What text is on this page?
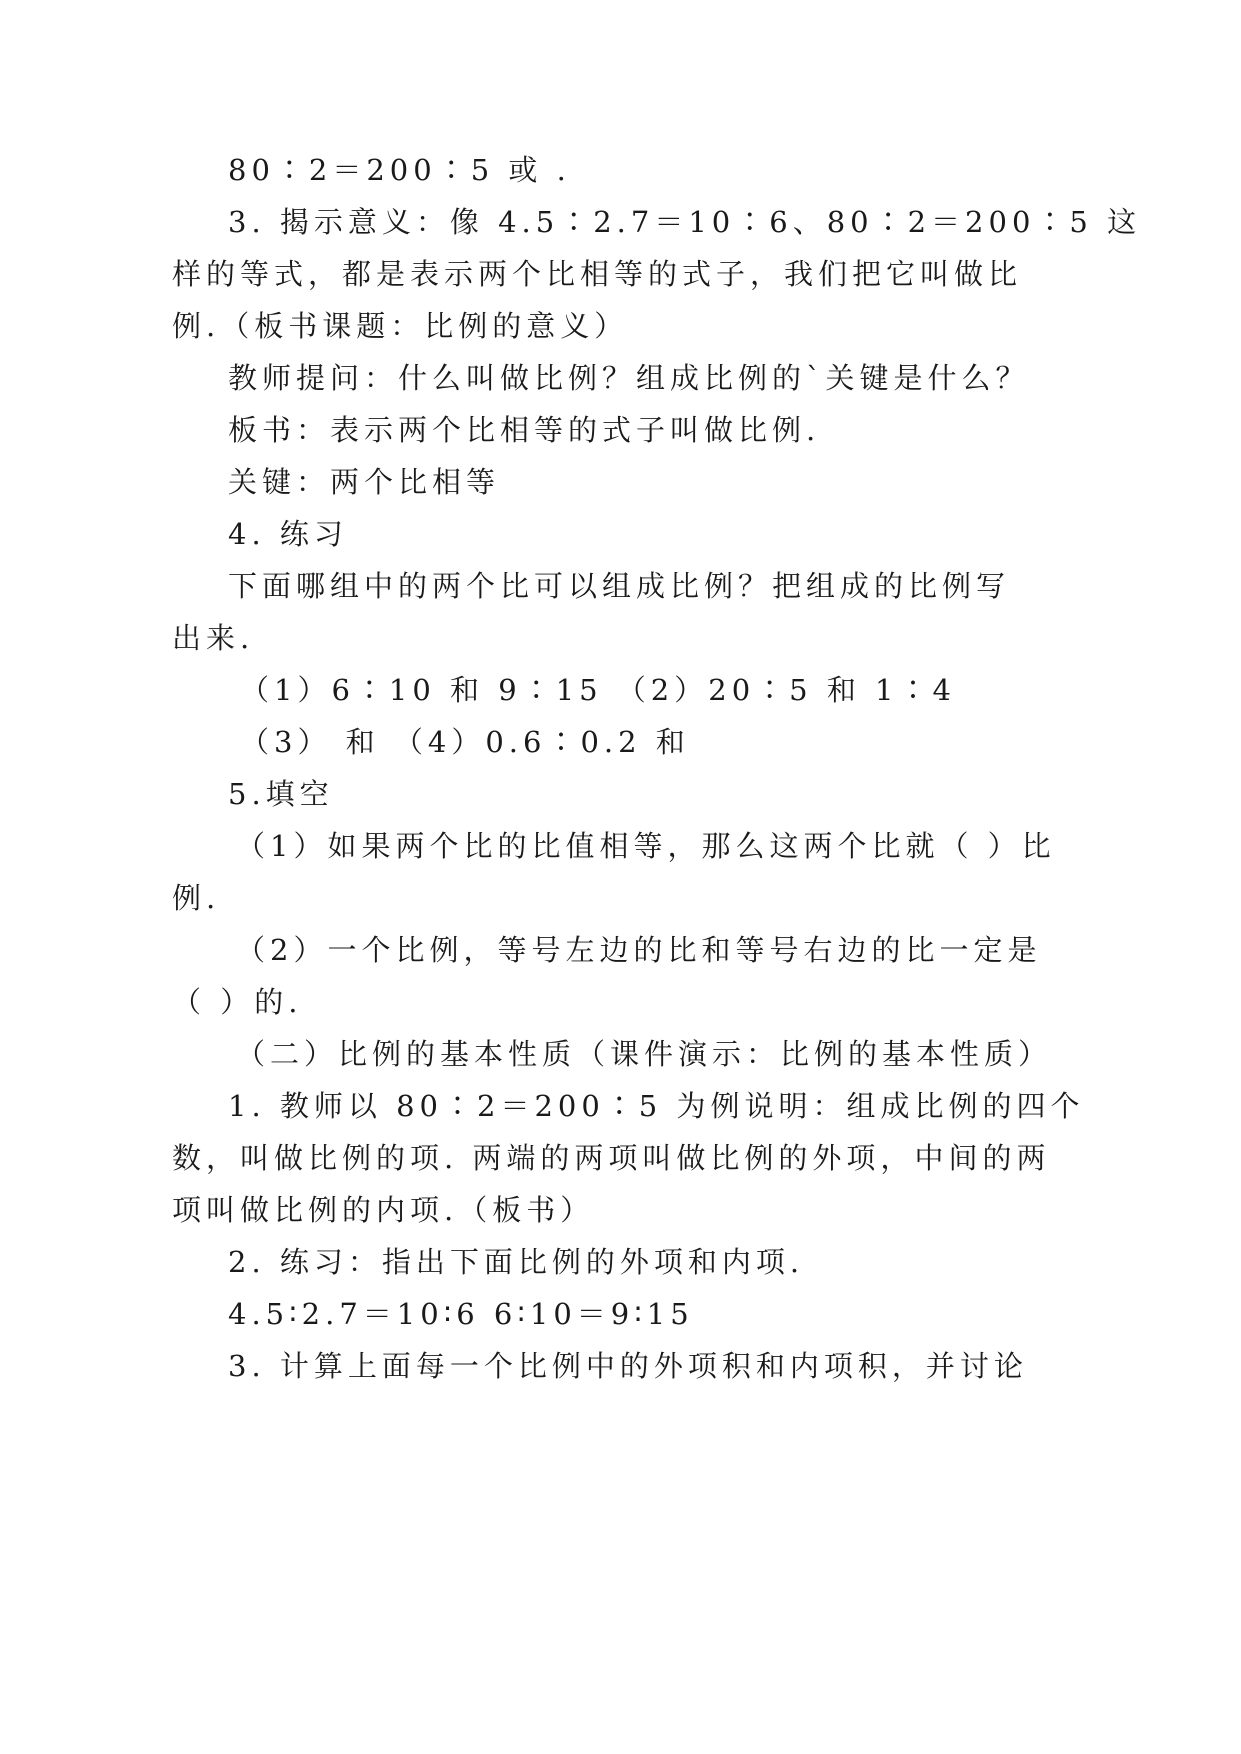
80∶2＝200∶5 或 .
3. 揭示意义：像 4.5∶2.7＝10∶6、80∶2＝200∶5 这
样的等式，都是表示两个比相等的式子，我们把它叫做比
例.（板书课题：比例的意义）
教师提问：什么叫做比例？组成比例的`关键是什么？
板书：表示两个比相等的式子叫做比例.
关键：两个比相等
4. 练习
下面哪组中的两个比可以组成比例？把组成的比例写
出来.
（1）6∶10 和 9∶15 （2）20∶5 和 1∶4
（3） 和 （4）0.6∶0.2 和
5.填空
（1）如果两个比的比值相等，那么这两个比就（ ）比
例.
（2）一个比例，等号左边的比和等号右边的比一定是
（ ）的.
（二）比例的基本性质（课件演示：比例的基本性质）
1. 教师以 80∶2＝200∶5 为例说明：组成比例的四个
数，叫做比例的项. 两端的两项叫做比例的外项，中间的两
项叫做比例的内项.（板书）
2. 练习：指出下面比例的外项和内项.
4.5∶2.7＝10∶6 6∶10＝9∶15
3. 计算上面每一个比例中的外项积和内项积，并讨论
